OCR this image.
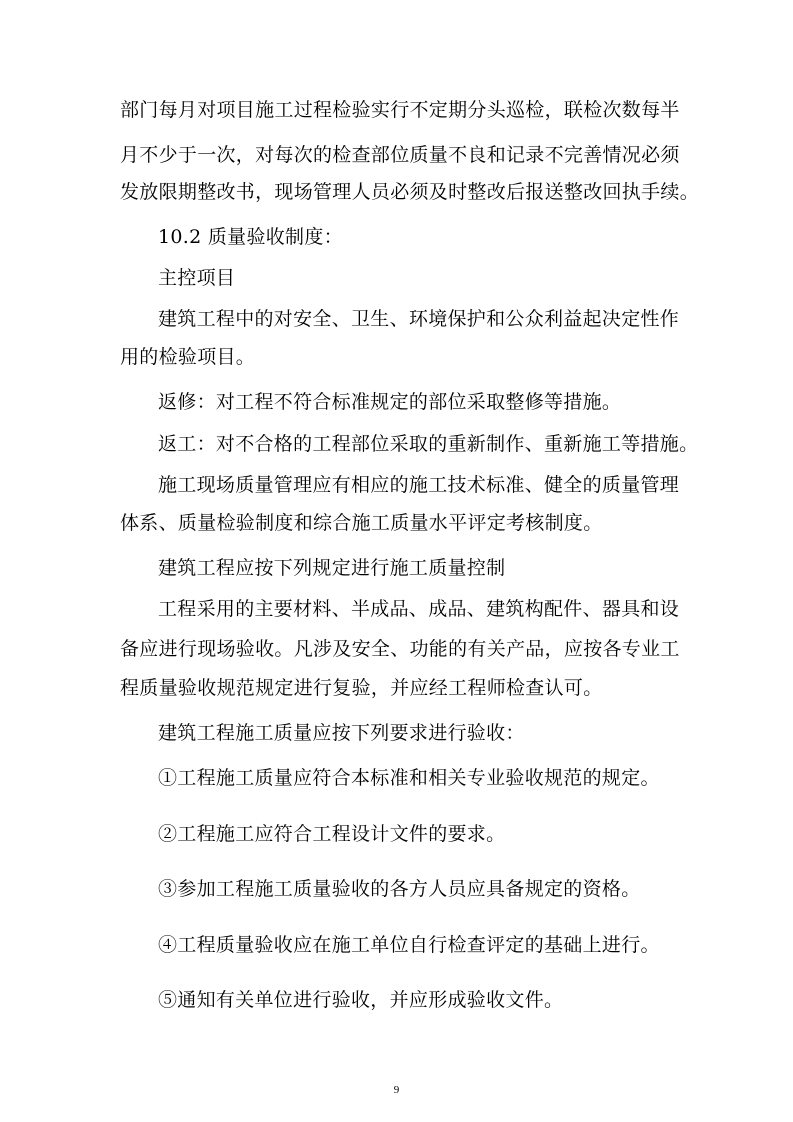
部门每月对项目施工过程检验实行不定期分头巡检，联检次数每半
月不少于一次，对每次的检查部位质量不良和记录不完善情况必须
发放限期整改书，现场管理人员必须及时整改后报送整改回执手续。
10.2 质量验收制度：
主控项目
建筑工程中的对安全、卫生、环境保护和公众利益起决定性作
用的检验项目。
返修：对工程不符合标准规定的部位采取整修等措施。
返工：对不合格的工程部位采取的重新制作、重新施工等措施。
施工现场质量管理应有相应的施工技术标准、健全的质量管理
体系、质量检验制度和综合施工质量水平评定考核制度。
建筑工程应按下列规定进行施工质量控制
工程采用的主要材料、半成品、成品、建筑构配件、器具和设
备应进行现场验收。凡涉及安全、功能的有关产品，应按各专业工
程质量验收规范规定进行复验，并应经工程师检查认可。
建筑工程施工质量应按下列要求进行验收：
①工程施工质量应符合本标准和相关专业验收规范的规定。
②工程施工应符合工程设计文件的要求。
③参加工程施工质量验收的各方人员应具备规定的资格。
④工程质量验收应在施工单位自行检查评定的基础上进行。
⑤通知有关单位进行验收，并应形成验收文件。
9
